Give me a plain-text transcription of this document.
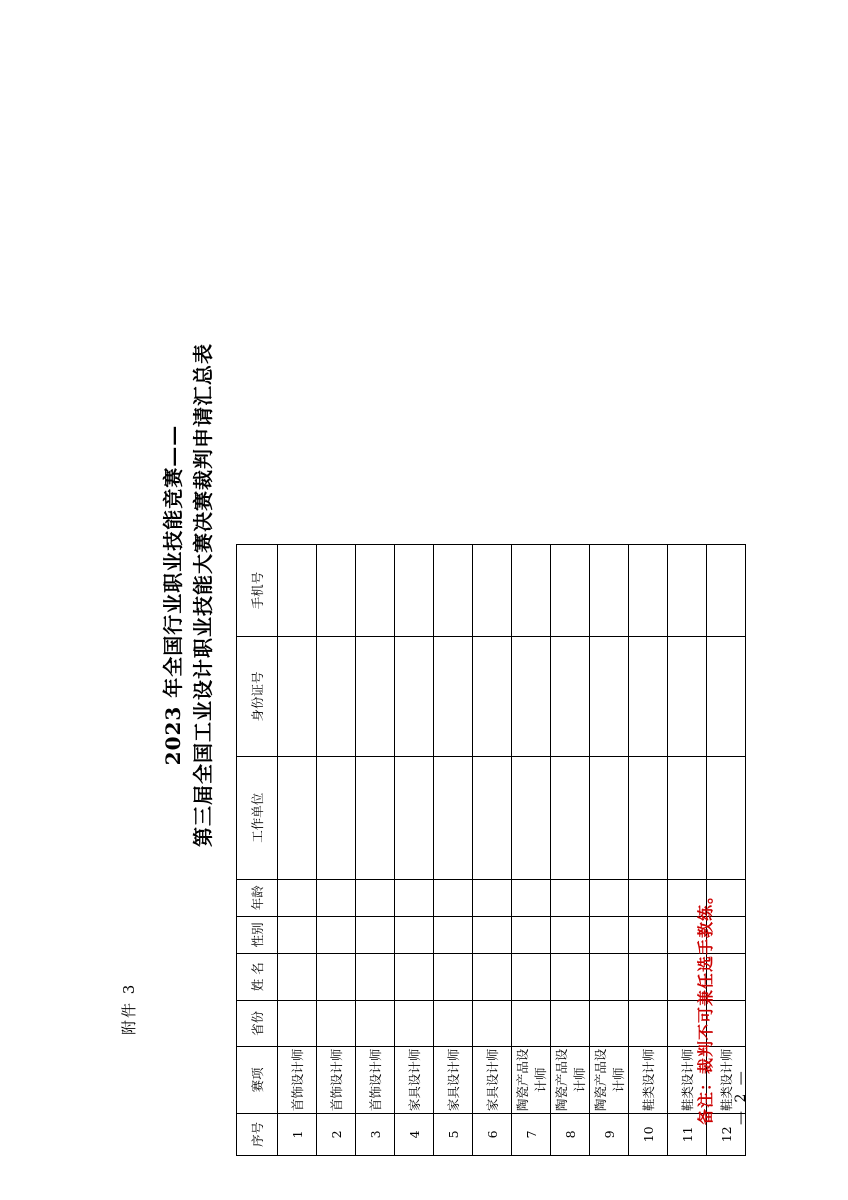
附件 3
2023 年全国行业职业技能竞赛—— 第三届全国工业设计职业技能大赛决赛裁判申请汇总表
序号	赛项	省份	姓 名	性别	年龄	工作单位	身份证号	手机号
1	首饰设计师							
2	首饰设计师							
3	首饰设计师							
4	家具设计师							
5	家具设计师							
6	家具设计师							
7	陶瓷产品设计师							
8	陶瓷产品设计师							
9	陶瓷产品设计师							
10	鞋类设计师							
11	鞋类设计师							
12	鞋类设计师							
备注：裁判不可兼任选手教练。 — 2 —
